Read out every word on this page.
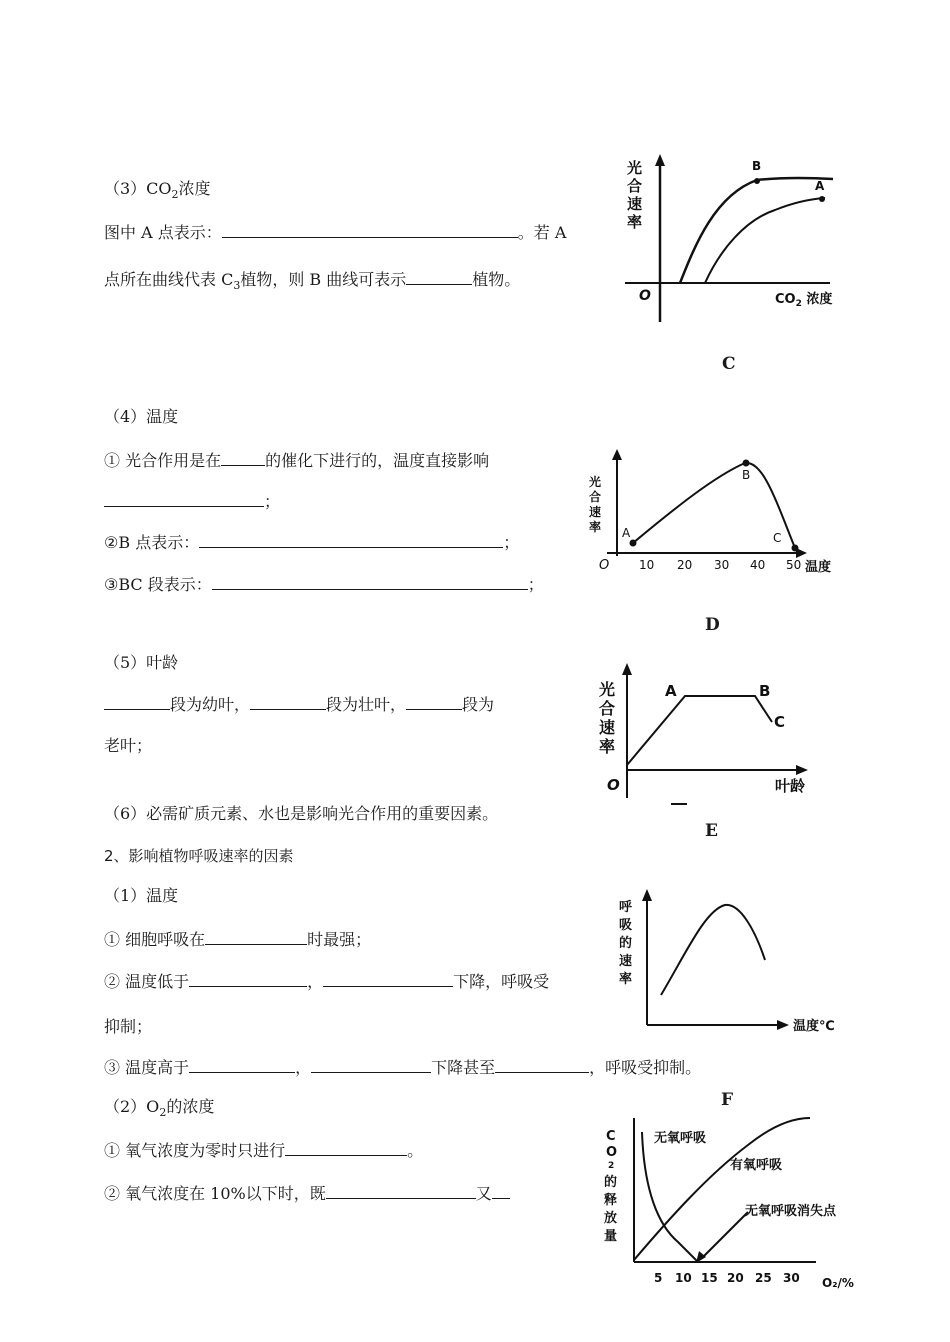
$(3)CO_2$浓度
图中 A 点表示：	。若 A
点所在曲线代表 $C_3$植物，则 B 曲线可表示	植物。
B
A
光
合
速
率
O	$CO_2$ 浓度
C
（4）温度
① 光合作用是在	的催化下进行的，温度直接影响
；
②B 点表示：	；
③BC 段表示：	；
A
B
C
光
合
速
率
O 10 20 30 40 50 温度
D
（5）叶龄
段为幼叶，	段为壮叶，	段为
老叶；
A	B
C
光
合
速
率
O	叶龄
E
（6）必需矿质元素、水也是影响光合作用的重要因素。
2、影响植物呼吸速率的因素
（1）温度
① 细胞呼吸在	时最强；
② 温度低于	，	下降，呼吸受
抑制；
③ 温度高于	，	下降甚至	，呼吸受抑制。
呼
吸
的
速
率
温度℃
F
$(2)O_2$的浓度
① 氧气浓度为零时只进行	。
② 氧气浓度在 10%以下时，既	又
无氧呼吸
有氧呼吸
无氧呼吸消失点
C
O
2
的
释
放
量
5 10 15 20 25 30 O₂/%
